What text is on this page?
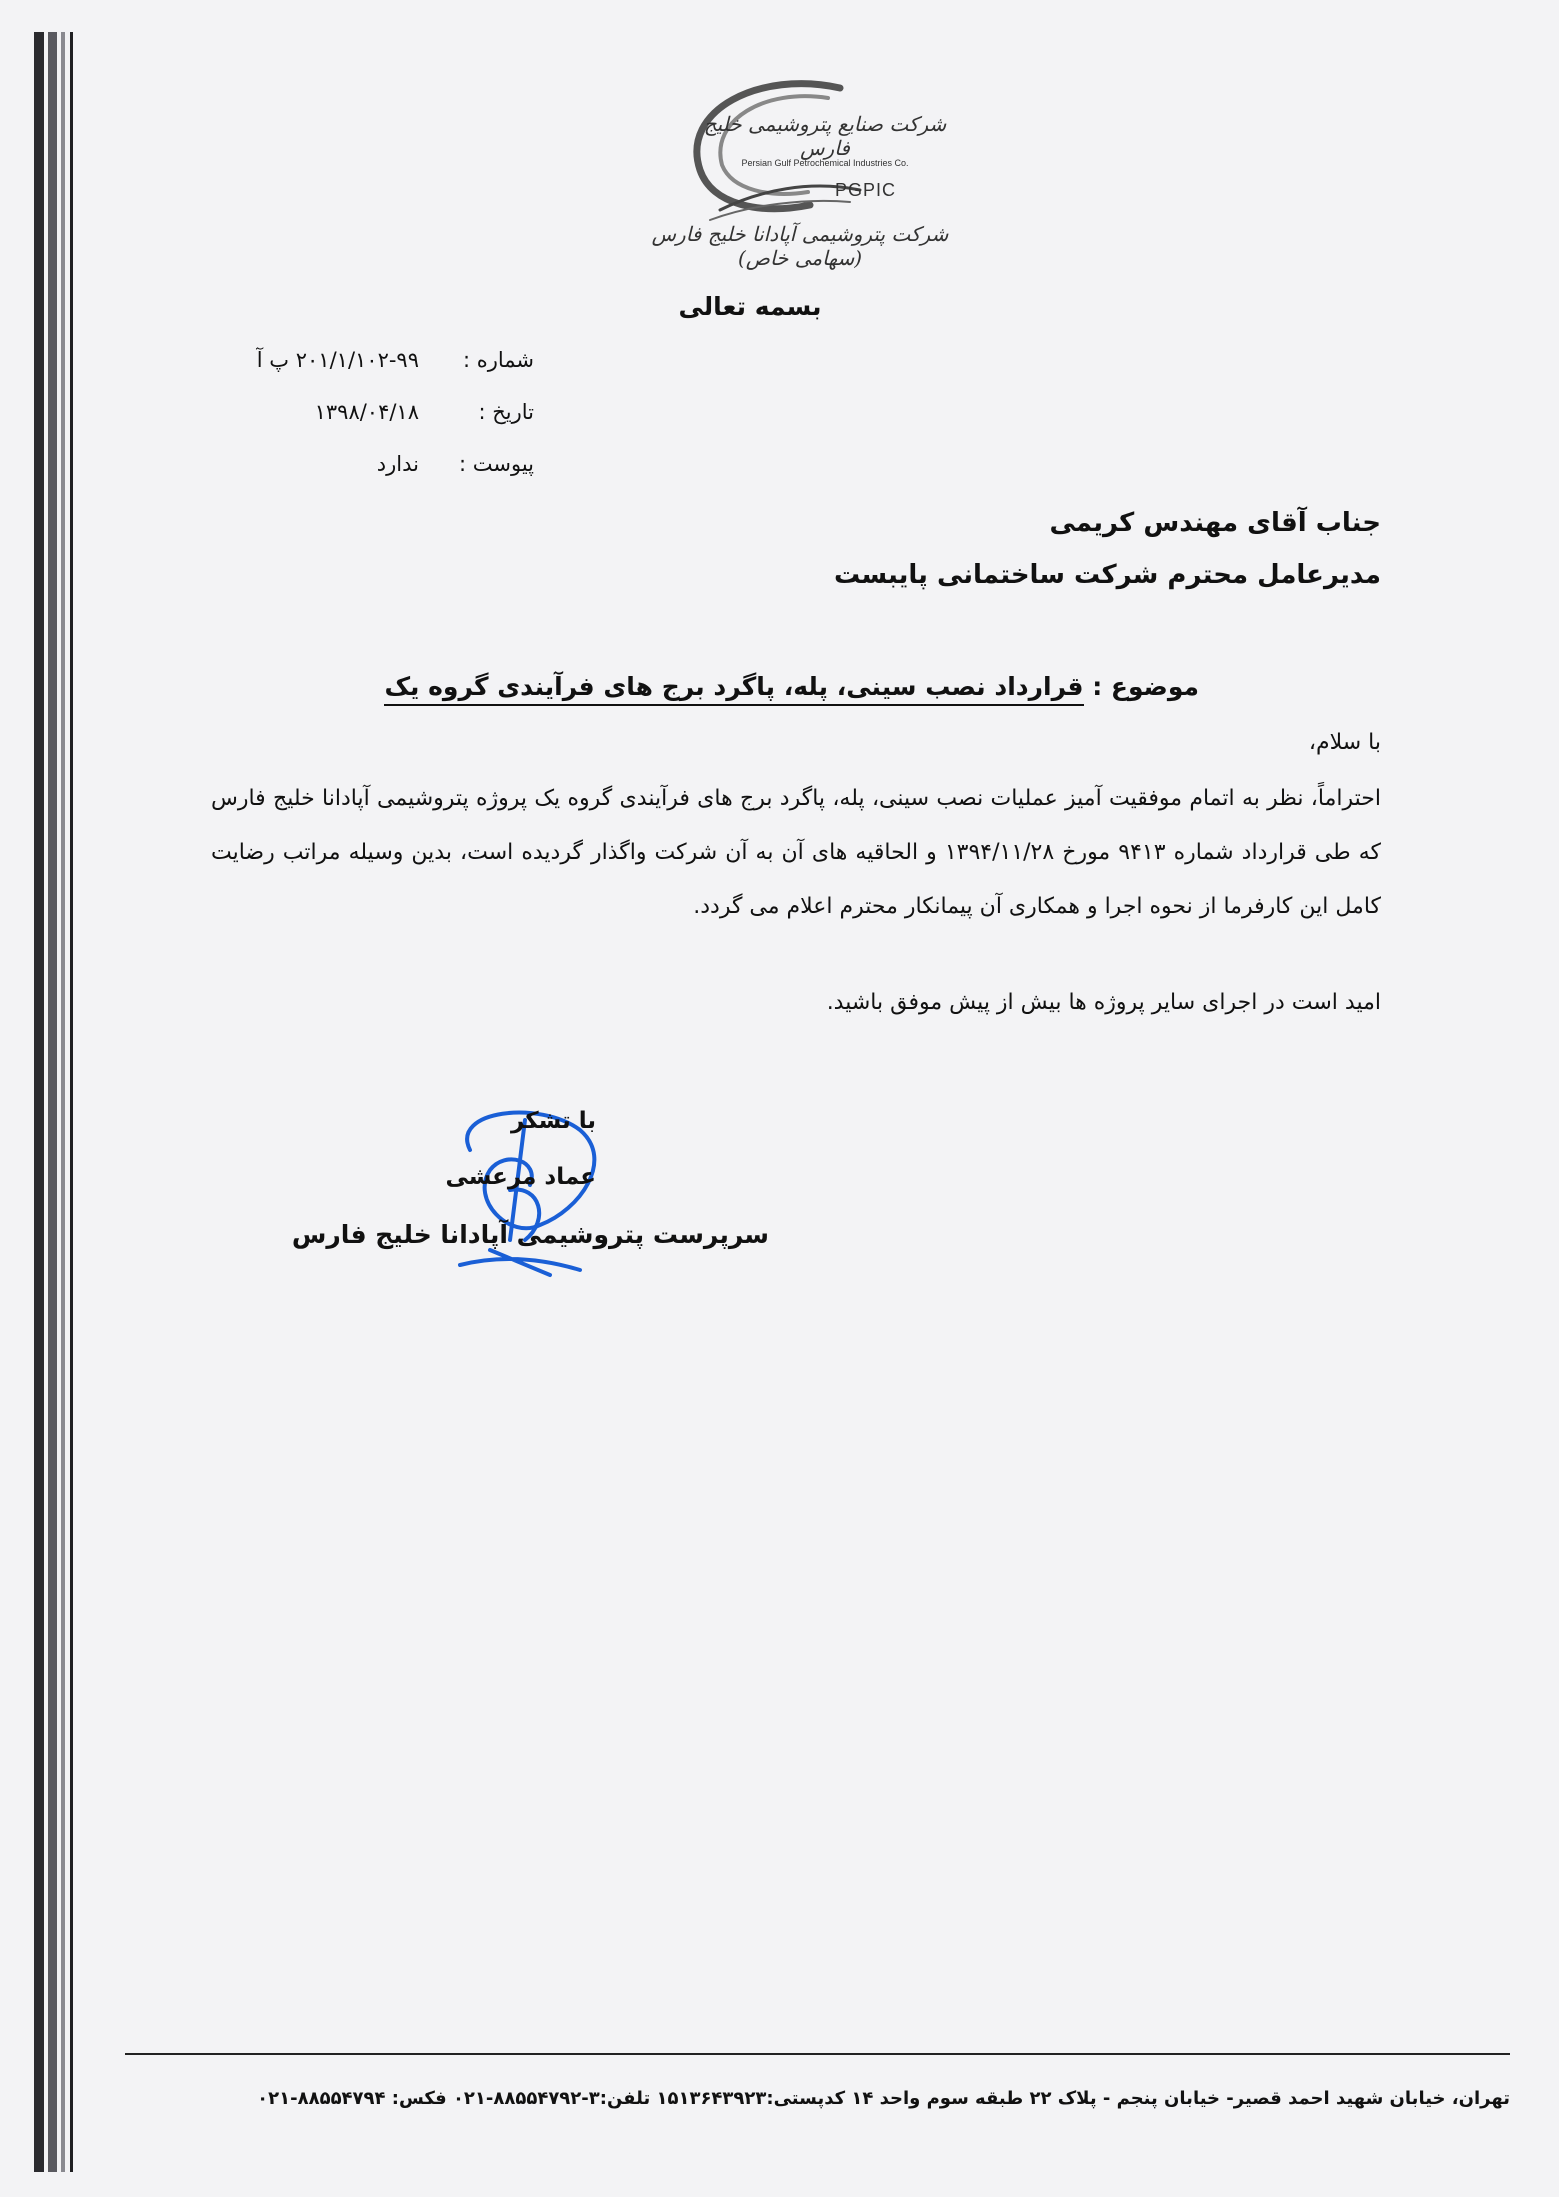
شرکت صنایع پتروشیمی خلیج فارس
Persian Gulf Petrochemical Industries Co.
PGPIC
شرکت پتروشیمی آپادانا خلیج فارس (سهامی خاص)
بسمه تعالی
شماره :۲۰۱/۱/۱۰۲-۹۹ پ آ
تاریخ :۱۳۹۸/۰۴/۱۸
پیوست :ندارد
جناب آقای مهندس کریمی
مدیرعامل محترم شرکت ساختمانی پایبست
موضوع : قرارداد نصب سینی، پله، پاگرد برج های فرآیندی گروه یک
با سلام،
احتراماً، نظر به اتمام موفقیت آمیز عملیات نصب سینی، پله، پاگرد برج های فرآیندی گروه یک پروژه پتروشیمی آپادانا خلیج فارس که طی قرارداد شماره ۹۴۱۳ مورخ ۱۳۹۴/۱۱/۲۸ و الحاقیه های آن به آن شرکت واگذار گردیده است، بدین وسیله مراتب رضایت کامل این کارفرما از نحوه اجرا و همکاری آن پیمانکار محترم اعلام می گردد.
امید است در اجرای سایر پروژه ها بیش از پیش موفق باشید.
با تشکر
عماد مرعشی
سرپرست پتروشیمی آپادانا خلیج فارس
تهران، خیابان شهید احمد قصیر- خیابان پنجم - پلاک ۲۲ طبقه سوم واحد ۱۴ کدپستی:۱۵۱۳۶۴۳۹۲۳ تلفن:۳-۸۸۵۵۴۷۹۲-۰۲۱ فکس: ۸۸۵۵۴۷۹۴-۰۲۱
